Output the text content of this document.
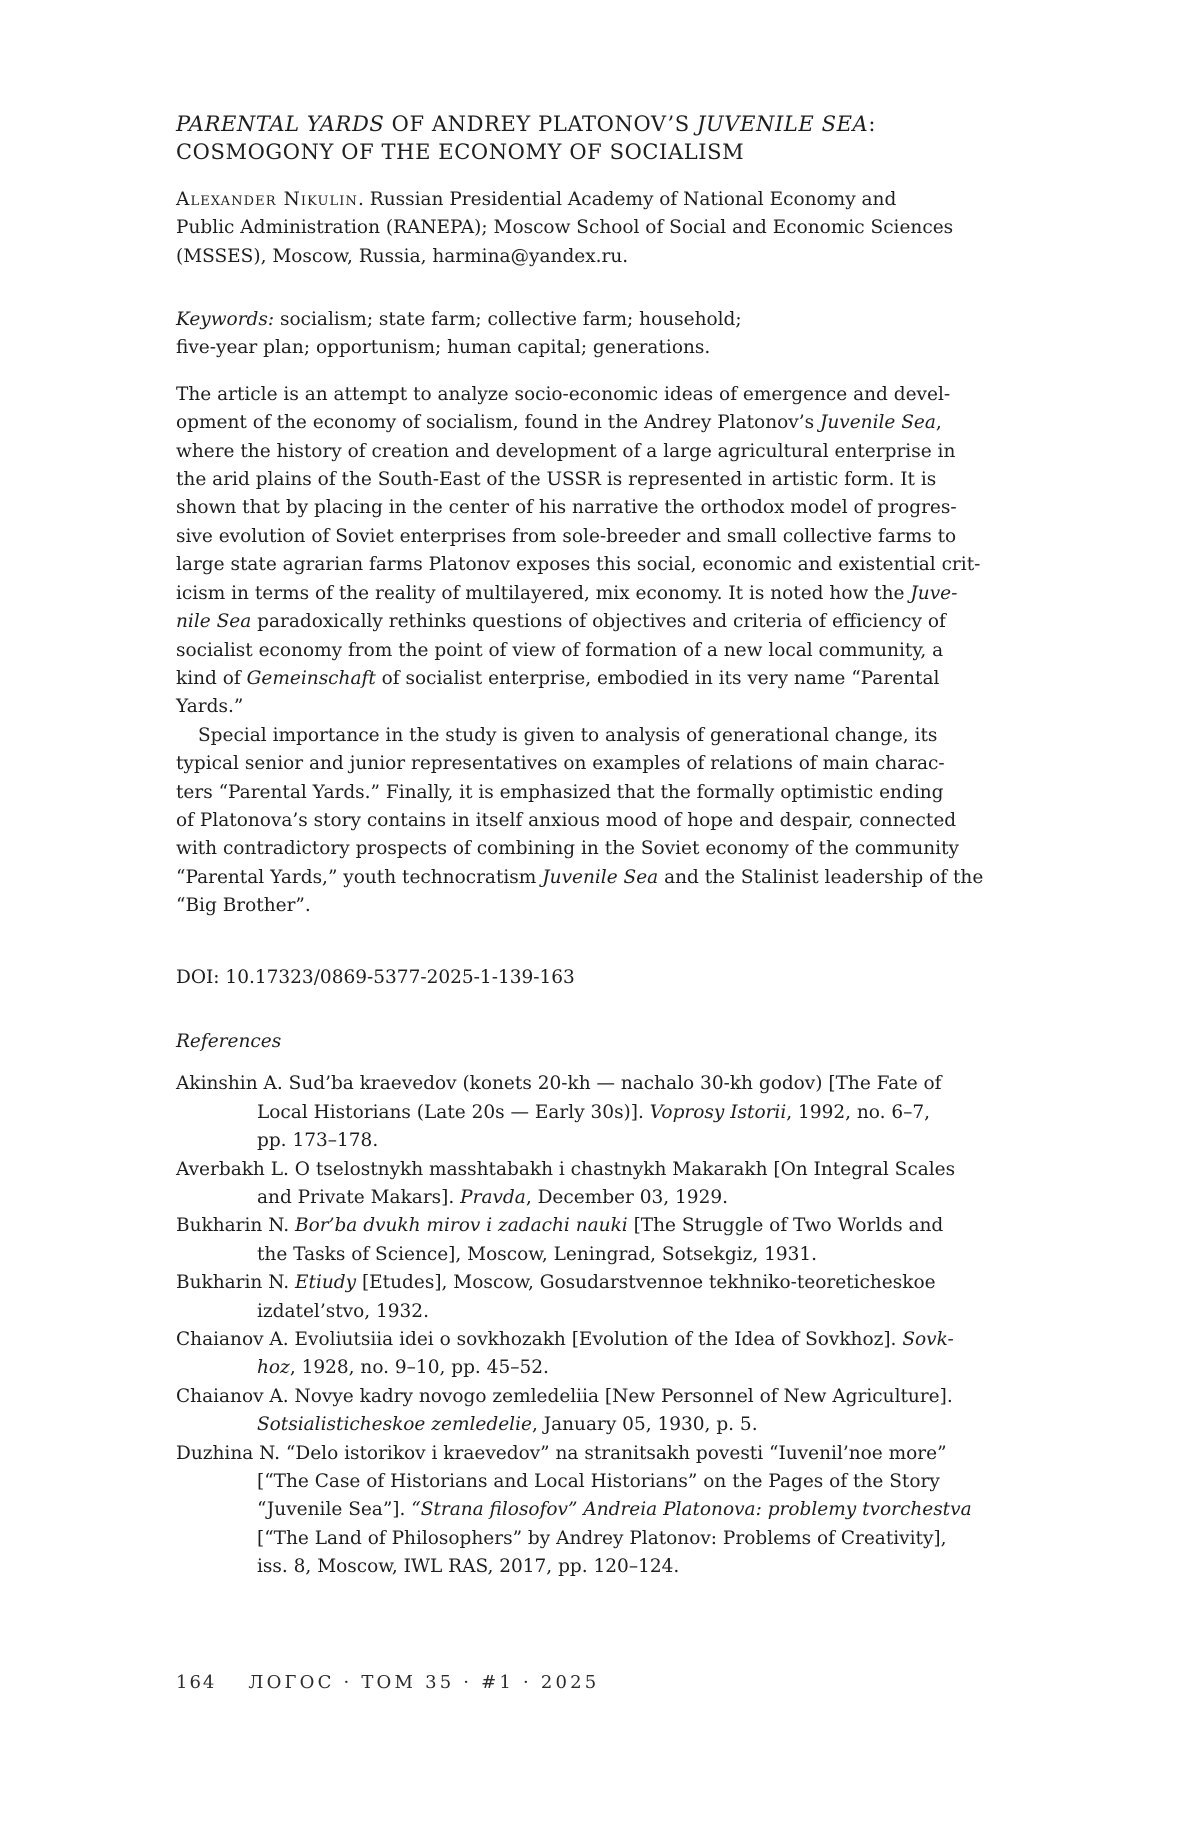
PARENTAL YARDS OF ANDREY PLATONOV’S JUVENILE SEA:
COSMOGONY OF THE ECONOMY OF SOCIALISM
Alexander Nikulin. Russian Presidential Academy of National Economy and
Public Administration (RANEPA); Moscow School of Social and Economic Sciences
(MSSES), Moscow, Russia, harmina@yandex.ru.
Keywords: socialism; state farm; collective farm; household;
five-year plan; opportunism; human capital; generations.
The article is an attempt to analyze socio-economic ideas of emergence and devel-
opment of the economy of socialism, found in the Andrey Platonov’s Juvenile Sea,
where the history of creation and development of a large agricultural enterprise in
the arid plains of the South-East of the USSR is represented in artistic form. It is
shown that by placing in the center of his narrative the orthodox model of progres-
sive evolution of Soviet enterprises from sole-breeder and small collective farms to
large state agrarian farms Platonov exposes this social, economic and existential crit-
icism in terms of the reality of multilayered, mix economy. It is noted how the Juve-
nile Sea paradoxically rethinks questions of objectives and criteria of efficiency of
socialist economy from the point of view of formation of a new local community, a
kind of Gemeinschaft of socialist enterprise, embodied in its very name “Parental
Yards.”
Special importance in the study is given to analysis of generational change, its
typical senior and junior representatives on examples of relations of main charac-
ters “Parental Yards.” Finally, it is emphasized that the formally optimistic ending
of Platonova’s story contains in itself anxious mood of hope and despair, connected
with contradictory prospects of combining in the Soviet economy of the community
“Parental Yards,” youth technocratism Juvenile Sea and the Stalinist leadership of the
“Big Brother”.
DOI: 10.17323/0869-5377-2025-1-139-163
References
Akinshin A. Sud’ba kraevedov (konets 20-kh — nachalo 30-kh godov) [The Fate of
Local Historians (Late 20s — Early 30s)]. Voprosy Istorii, 1992, no. 6–7,
pp. 173–178.
Averbakh L. O tselostnykh masshtabakh i chastnykh Makarakh [On Integral Scales
and Private Makars]. Pravda, December 03, 1929.
Bukharin N. Bor’ba dvukh mirov i zadachi nauki [The Struggle of Two Worlds and
the Tasks of Science], Moscow, Leningrad, Sotsekgiz, 1931.
Bukharin N. Etiudy [Etudes], Moscow, Gosudarstvennoe tekhniko-teoreticheskoe
izdatel’stvo, 1932.
Chaianov A. Evoliutsiia idei o sovkhozakh [Evolution of the Idea of Sovkhoz]. Sovk-
hoz, 1928, no. 9–10, pp. 45–52.
Chaianov A. Novye kadry novogo zemledeliia [New Personnel of New Agriculture].
Sotsialisticheskoe zemledelie, January 05, 1930, p. 5.
Duzhina N. “Delo istorikov i kraevedov” na stranitsakh povesti “Iuvenil’noe more”
[“The Case of Historians and Local Historians” on the Pages of the Story
“Juvenile Sea”]. “Strana filosofov” Andreia Platonova: problemy tvorchestva
[“The Land of Philosophers” by Andrey Platonov: Problems of Creativity],
iss. 8, Moscow, IWL RAS, 2017, pp. 120–124.
164 ЛОГОС · ТОМ 35 · #1 · 2025
